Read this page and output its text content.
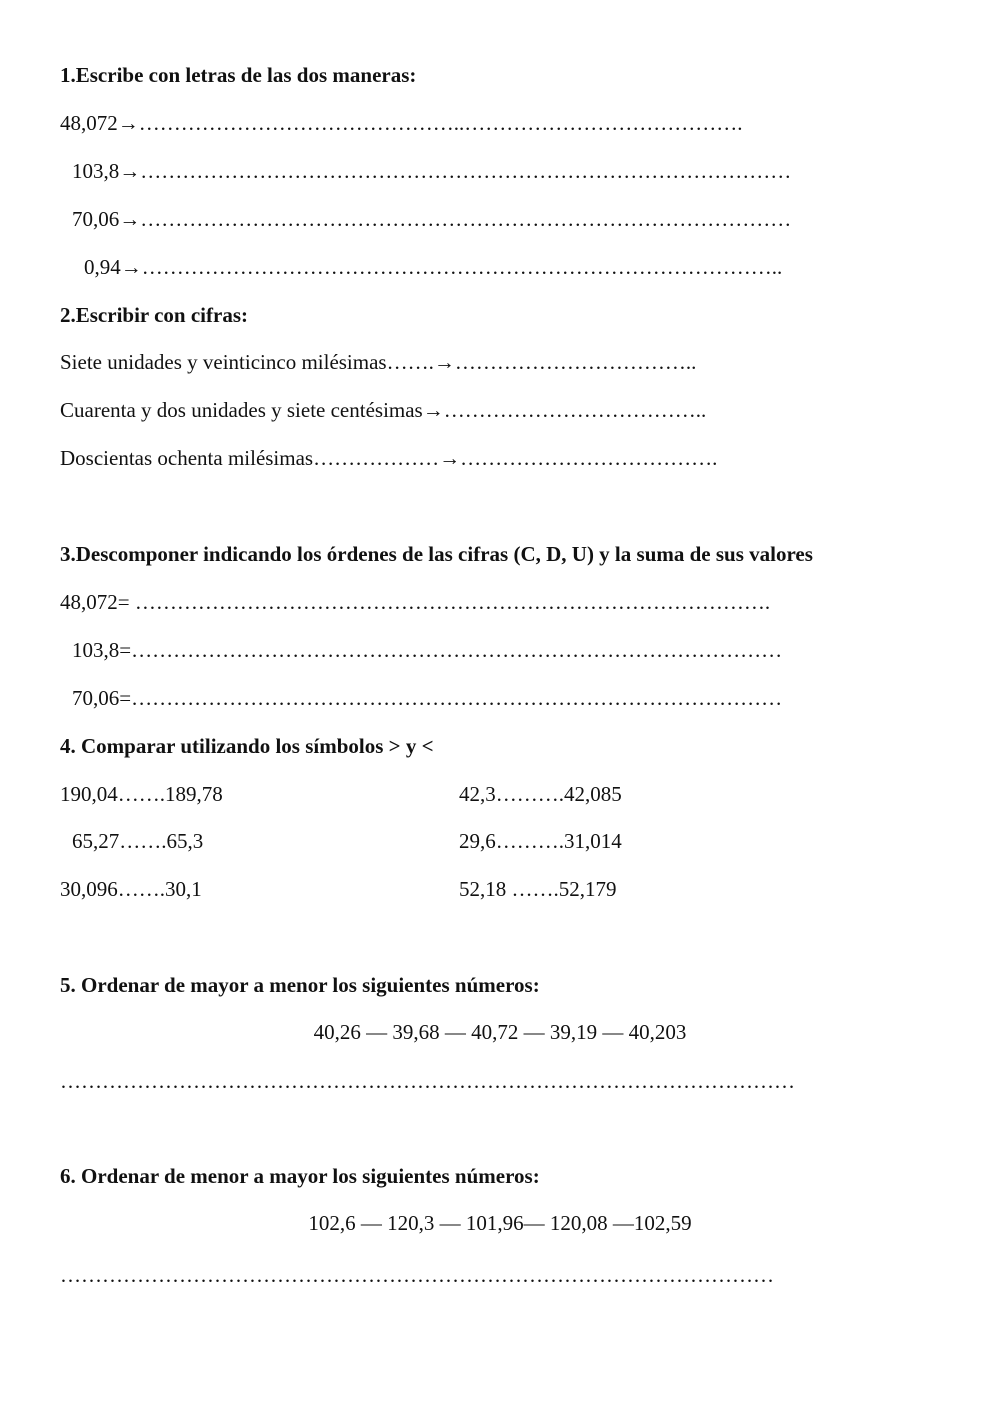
1.Escribe con letras de las dos maneras:
48,072→………………………………………..………………………………….
103,8→…………………………………………………………………………………
70,06→…………………………………………………………………………………
0,94→………………………………………………………………………………..
2.Escribir con cifras:
Siete unidades y veinticinco milésimas…….→……………………………..
Cuarenta y dos unidades y siete centésimas→………………………………..
Doscientas ochenta milésimas………………→……………………………….
3.Descomponer indicando los órdenes de las cifras (C, D, U) y la suma de sus valores
48,072= ……………………………………………………………………………….
103,8=…………………………………………………………………………………
70,06=…………………………………………………………………………………
4. Comparar utilizando los símbolos > y <
190,04…….189,78
65,27…….65,3
30,096…….30,1
42,3……….42,085
29,6……….31,014
52,18 …….52,179
5. Ordenar de mayor a menor los siguientes números:
40,26 — 39,68 — 40,72 — 39,19 — 40,203
……………………………………………………………………………………………
6. Ordenar de menor a mayor los siguientes números:
102,6 — 120,3 — 101,96— 120,08 —102,59
…………………………………………………………………………………………
